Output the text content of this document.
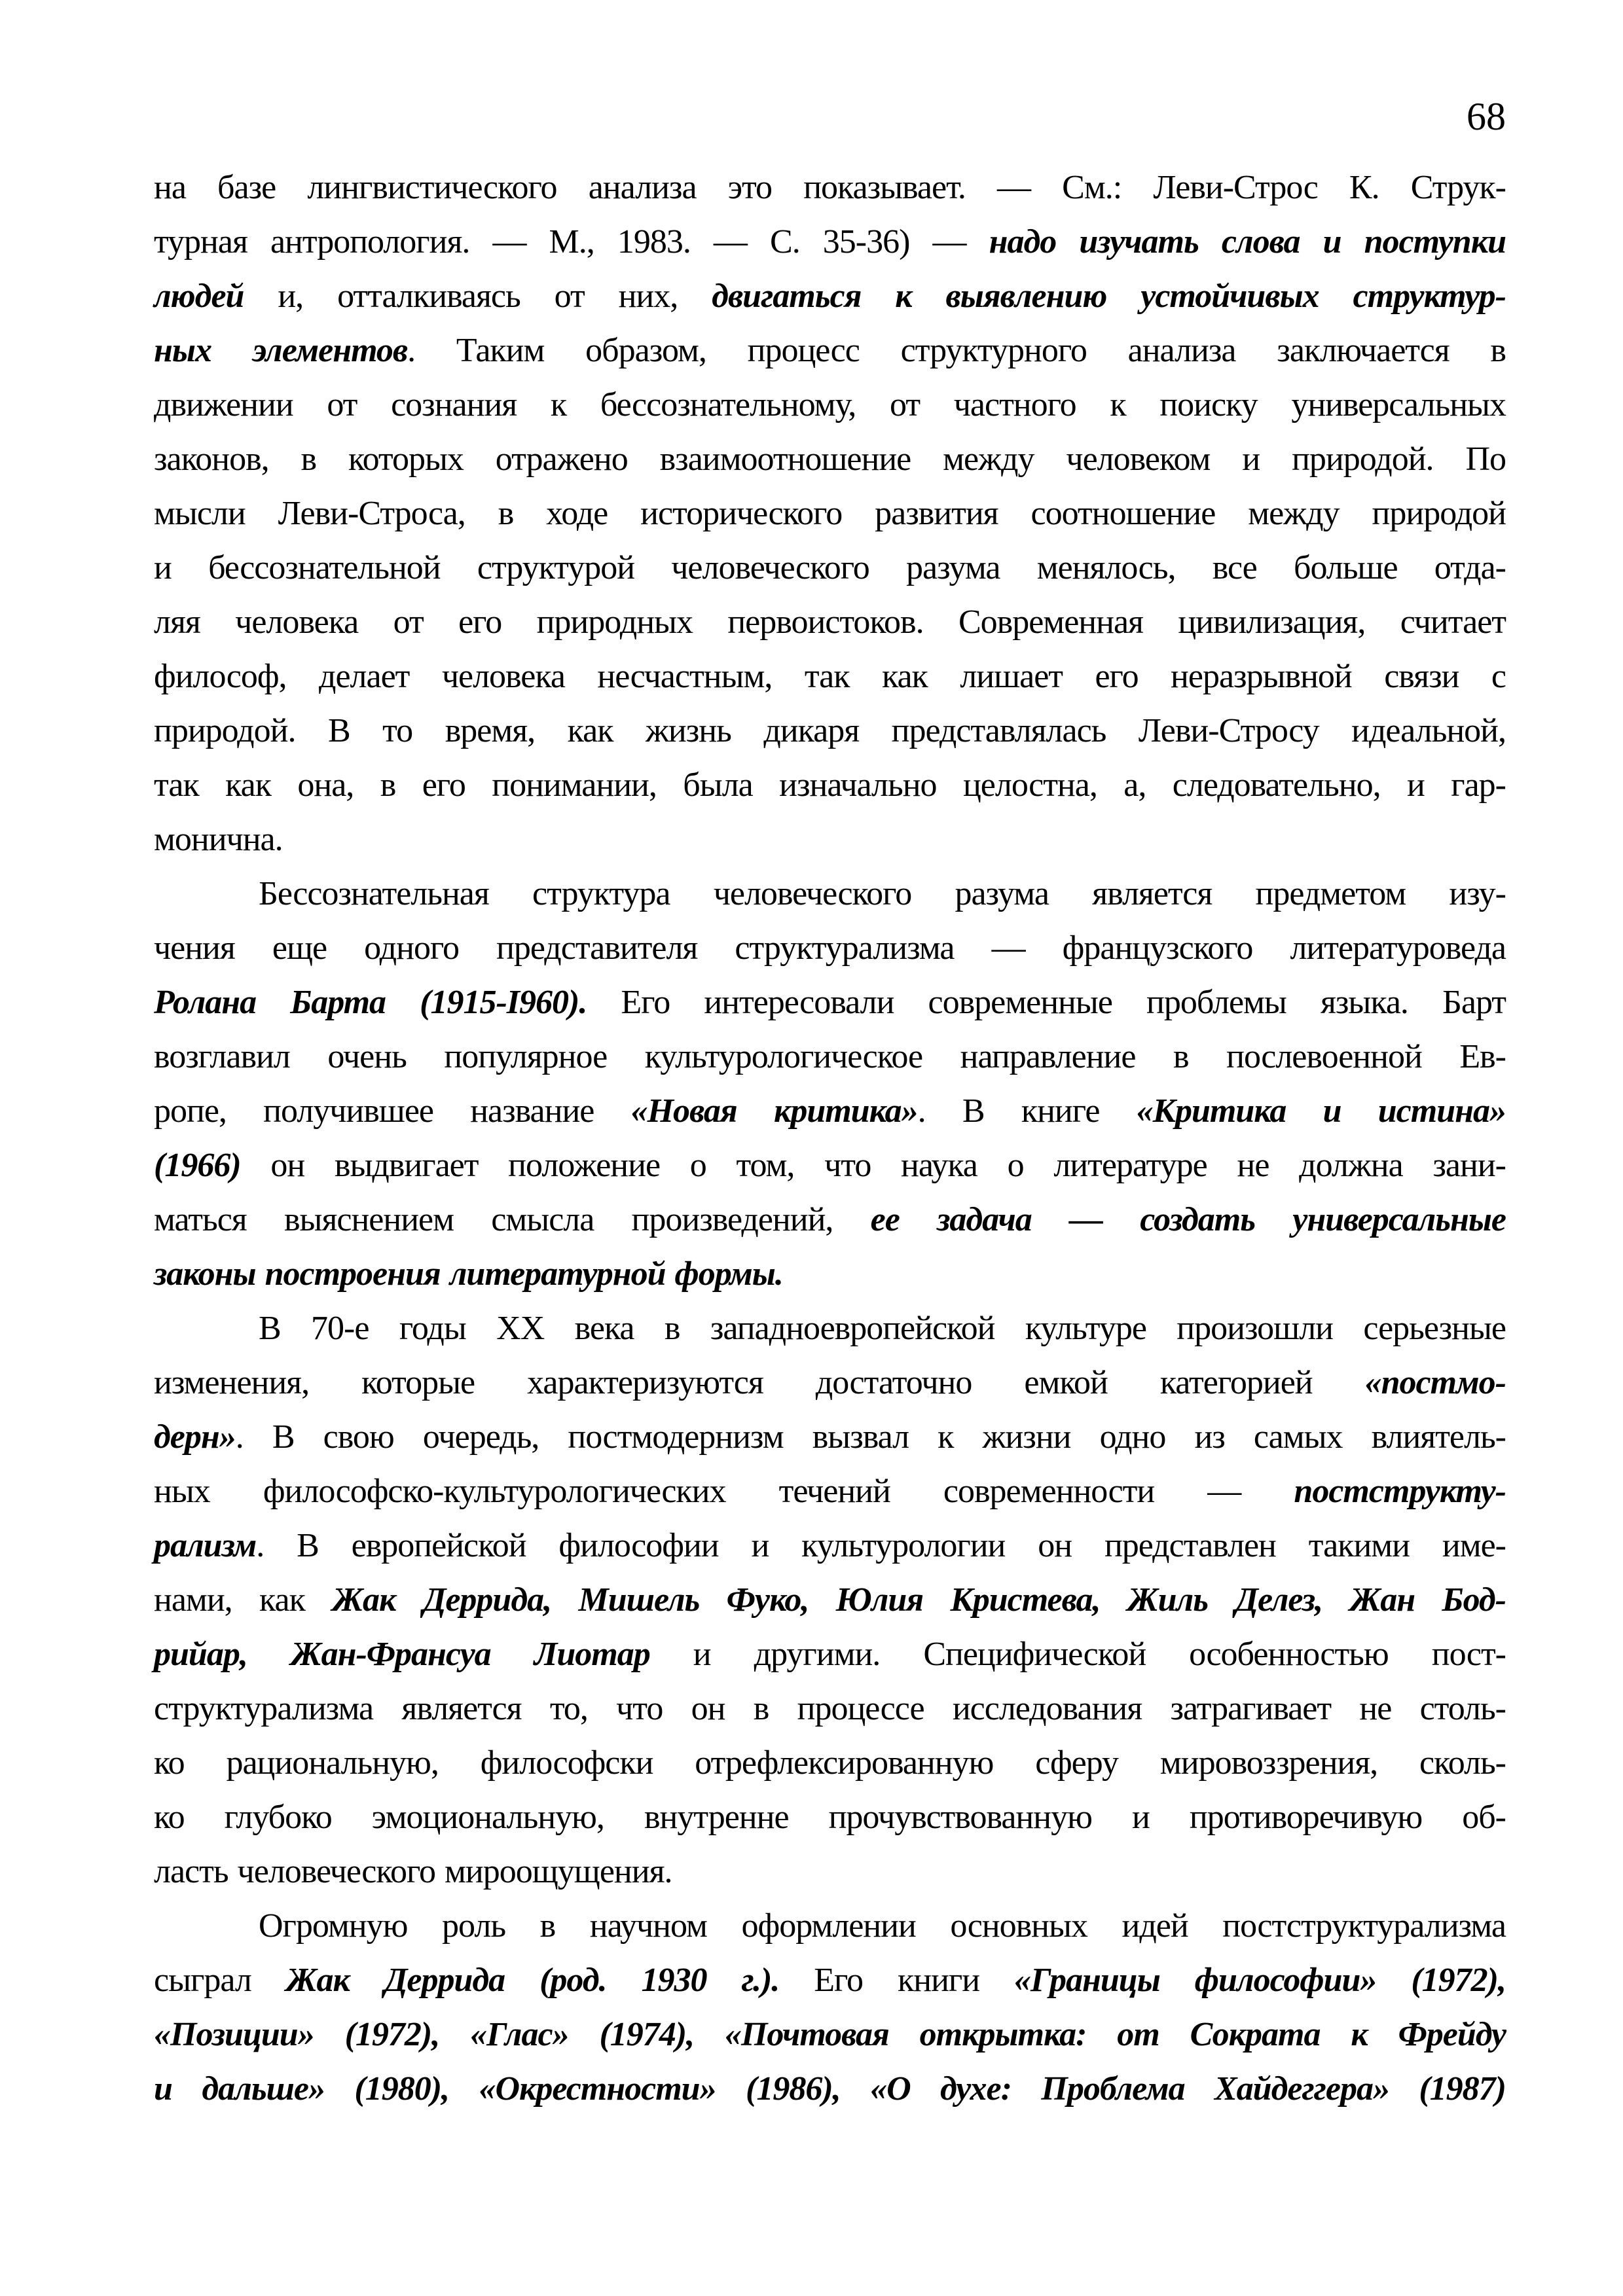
68
на базе лингвистического анализа это показывает. — См.: Леви-Строс К. Струк-
турная антропология. — М., 1983. — С. 35-36) — надо изучать слова и поступки
людей и, отталкиваясь от них, двигаться к выявлению устойчивых структур-
ных элементов. Таким образом, процесс структурного анализа заключается в
движении от сознания к бессознательному, от частного к поиску универсальных
законов, в которых отражено взаимоотношение между человеком и природой. По
мысли Леви-Строса, в ходе исторического развития соотношение между природой
и бессознательной структурой человеческого разума менялось, все больше отда-
ляя человека от его природных первоистоков. Современная цивилизация, считает
философ, делает человека несчастным, так как лишает его неразрывной связи с
природой. В то время, как жизнь дикаря представлялась Леви-Стросу идеальной,
так как она, в его понимании, была изначально целостна, а, следовательно, и гар-
монична.
Бессознательная структура человеческого разума является предметом изу-
чения еще одного представителя структурализма — французского литературоведа
Ролана Барта (1915-I960). Его интересовали современные проблемы языка. Барт
возглавил очень популярное культурологическое направление в послевоенной Ев-
ропе, получившее название «Новая критика». В книге «Критика и истина»
(1966) он выдвигает положение о том, что наука о литературе не должна зани-
маться выяснением смысла произведений, ее задача — создать универсальные
законы построения литературной формы.
В 70-е годы ХХ века в западноевропейской культуре произошли серьезные
изменения, которые характеризуются достаточно емкой категорией «постмо-
дерн». В свою очередь, постмодернизм вызвал к жизни одно из самых влиятель-
ных философско-культурологических течений современности — постструкту-
рализм. В европейской философии и культурологии он представлен такими име-
нами, как Жак Деррида, Мишель Фуко, Юлия Кристева, Жиль Делез, Жан Бод-
рийар, Жан-Франсуа Лиотар и другими. Специфической особенностью пост-
структурализма является то, что он в процессе исследования затрагивает не столь-
ко рациональную, философски отрефлексированную сферу мировоззрения, сколь-
ко глубоко эмоциональную, внутренне прочувствованную и противоречивую об-
ласть человеческого мироощущения.
Огромную роль в научном оформлении основных идей постструктурализма
сыграл Жак Деррида (род. 1930 г.). Его книги «Границы философии» (1972),
«Позиции» (1972), «Глас» (1974), «Почтовая открытка: от Сократа к Фрейду
и дальше» (1980), «Окрестности» (1986), «О духе: Проблема Хайдеггера» (1987)
